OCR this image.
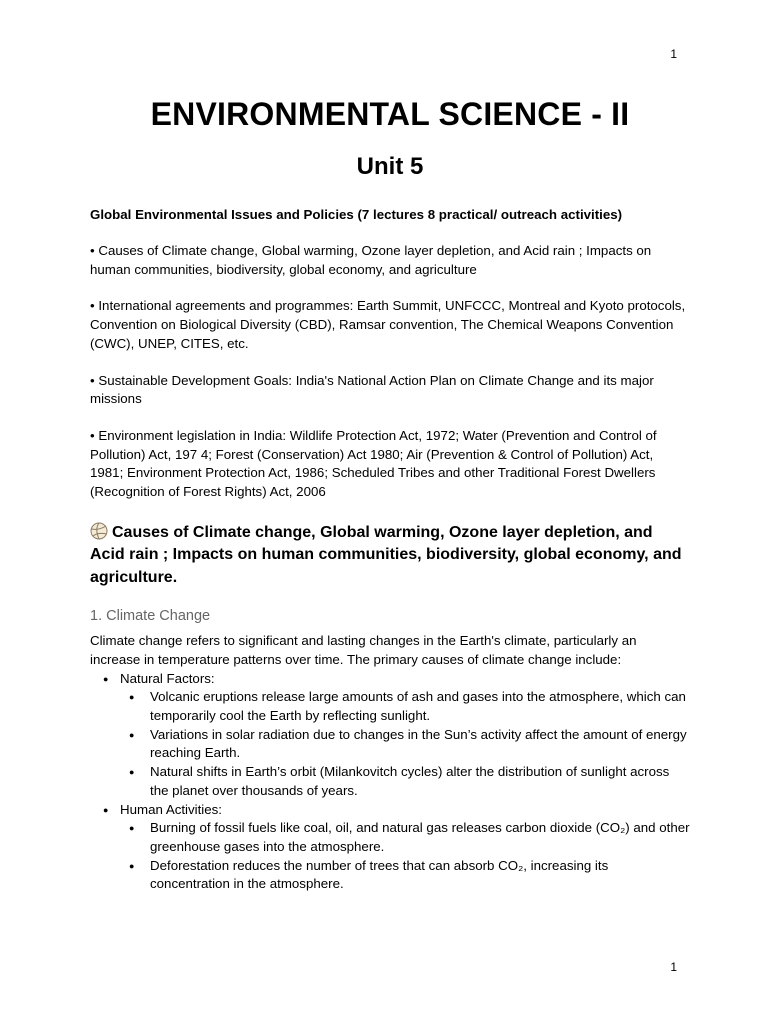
1
ENVIRONMENTAL SCIENCE - II
Unit 5

Global Environmental Issues and Policies (7 lectures 8 practical/ outreach activities)

• Causes of Climate change, Global warming, Ozone layer depletion, and Acid rain ; Impacts on human communities, biodiversity, global economy, and agriculture

• International agreements and programmes: Earth Summit, UNFCCC, Montreal and Kyoto protocols, Convention on Biological Diversity (CBD), Ramsar convention, The Chemical Weapons Convention (CWC), UNEP, CITES, etc.

• Sustainable Development Goals: India's National Action Plan on Climate Change and its major missions

• Environment legislation in India: Wildlife Protection Act, 1972; Water (Prevention and Control of Pollution) Act, 197 4; Forest (Conservation) Act 1980; Air (Prevention & Control of Pollution) Act, 1981; Environment Protection Act, 1986; Scheduled Tribes and other Traditional Forest Dwellers (Recognition of Forest Rights) Act, 2006

Causes of Climate change, Global warming, Ozone layer depletion, and Acid rain ; Impacts on human communities, biodiversity, global economy, and agriculture.
1. Climate Change

Climate change refers to significant and lasting changes in the Earth's climate, particularly an increase in temperature patterns over time. The primary causes of climate change include:

● Natural Factors:
● Volcanic eruptions release large amounts of ash and gases into the atmosphere, which can temporarily cool the Earth by reflecting sunlight.
● Variations in solar radiation due to changes in the Sun’s activity affect the amount of energy reaching Earth.
● Natural shifts in Earth’s orbit (Milankovitch cycles) alter the distribution of sunlight across the planet over thousands of years.
● Human Activities:
● Burning of fossil fuels like coal, oil, and natural gas releases carbon dioxide (CO₂) and other greenhouse gases into the atmosphere.
● Deforestation reduces the number of trees that can absorb CO₂, increasing its concentration in the atmosphere.
1
